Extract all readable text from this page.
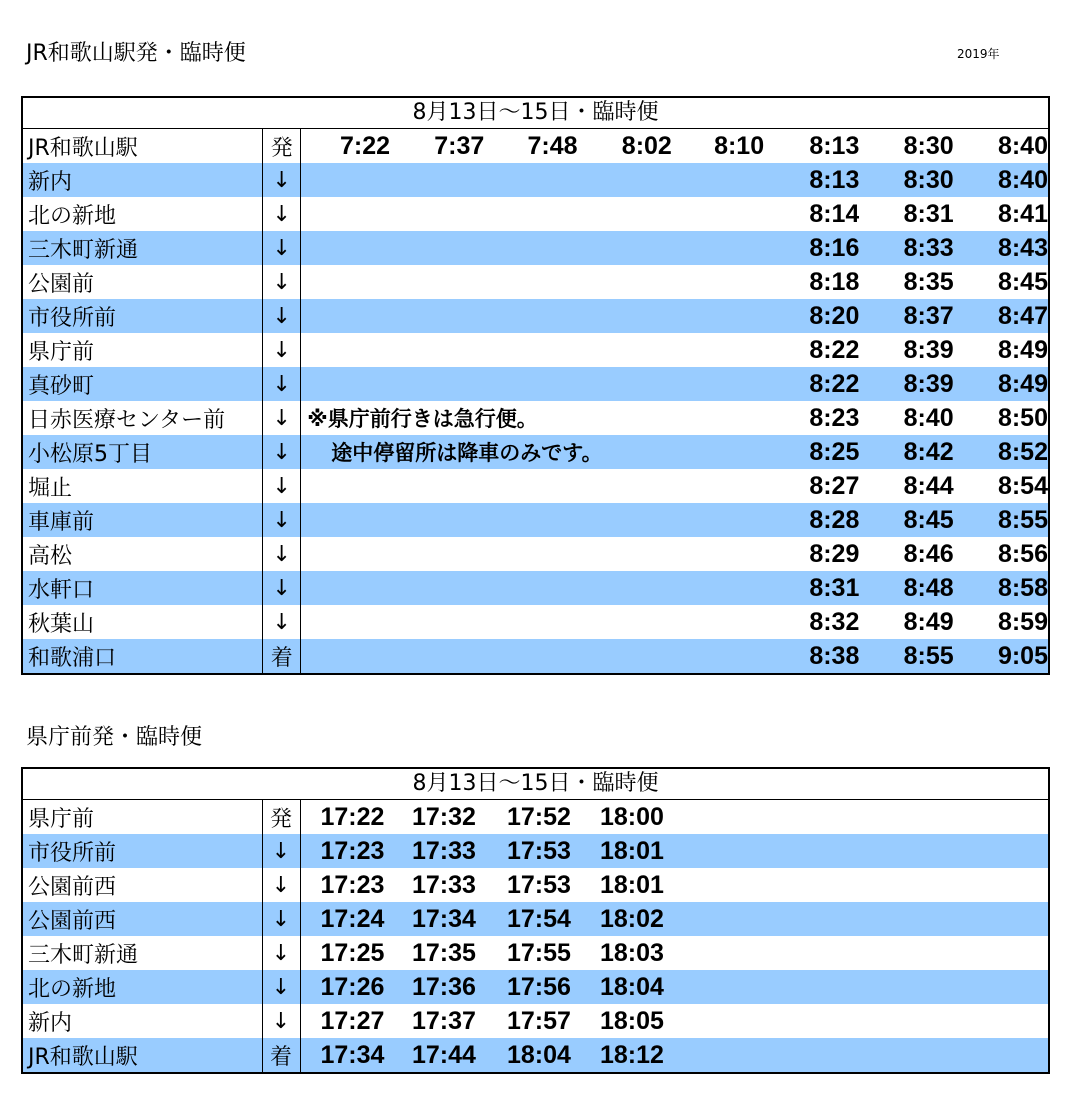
JR和歌山駅発・臨時便	2019年
8月13日〜15日・臨時便									
JR和歌山駅	発	7:22	7:37	7:48	8:02	8:10	8:13	8:30	8:40
新内	↓						8:13	8:30	8:40
北の新地	↓						8:14	8:31	8:41
三木町新通	↓						8:16	8:33	8:43
公園前	↓						8:18	8:35	8:45
市役所前	↓						8:20	8:37	8:47
県庁前	↓						8:22	8:39	8:49
真砂町	↓						8:22	8:39	8:49
日赤医療センター前	↓	※県庁前行きは急行便。					8:23	8:40	8:50
小松原5丁目	↓	途中停留所は降車のみです。					8:25	8:42	8:52
堀止	↓						8:27	8:44	8:54
車庫前	↓						8:28	8:45	8:55
高松	↓						8:29	8:46	8:56
水軒口	↓						8:31	8:48	8:58
秋葉山	↓						8:32	8:49	8:59
和歌浦口	着						8:38	8:55	9:05
県庁前発・臨時便
8月13日〜15日・臨時便						
県庁前	発	17:22	17:32	17:52	18:00	
市役所前	↓	17:23	17:33	17:53	18:01	
公園前西	↓	17:23	17:33	17:53	18:01	
公園前西	↓	17:24	17:34	17:54	18:02	
三木町新通	↓	17:25	17:35	17:55	18:03	
北の新地	↓	17:26	17:36	17:56	18:04	
新内	↓	17:27	17:37	17:57	18:05	
JR和歌山駅	着	17:34	17:44	18:04	18:12	
